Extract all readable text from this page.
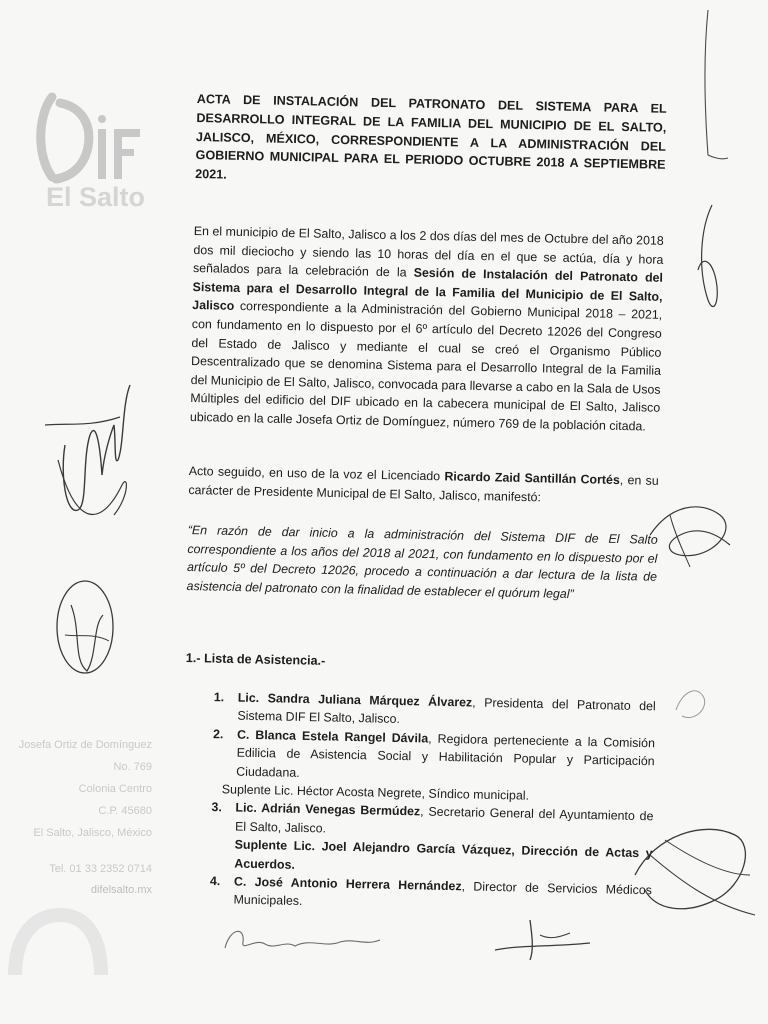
El Salto
Josefa Ortiz de Domínguez
No. 769
Colonia Centro
C.P. 45680
El Salto, Jalisco, México
Tel. 01 33 2352 0714
difelsalto.mx
ACTA DE INSTALACIÓN DEL PATRONATO DEL SISTEMA PARA EL DESARROLLO INTEGRAL DE LA FAMILIA DEL MUNICIPIO DE EL SALTO, JALISCO, MÉXICO, CORRESPONDIENTE A LA ADMINISTRACIÓN DEL GOBIERNO MUNICIPAL PARA EL PERIODO OCTUBRE 2018 A SEPTIEMBRE 2021.
En el municipio de El Salto, Jalisco a los 2 dos días del mes de Octubre del año 2018 dos mil dieciocho y siendo las 10 horas del día en el que se actúa, día y hora señalados para la celebración de la Sesión de Instalación del Patronato del Sistema para el Desarrollo Integral de la Familia del Municipio de El Salto, Jalisco correspondiente a la Administración del Gobierno Municipal 2018 – 2021, con fundamento en lo dispuesto por el 6º artículo del Decreto 12026 del Congreso del Estado de Jalisco y mediante el cual se creó el Organismo Público Descentralizado que se denomina Sistema para el Desarrollo Integral de la Familia del Municipio de El Salto, Jalisco, convocada para llevarse a cabo en la Sala de Usos Múltiples del edificio del DIF ubicado en la cabecera municipal de El Salto, Jalisco ubicado en la calle Josefa Ortiz de Domínguez, número 769 de la población citada.
Acto seguido, en uso de la voz el Licenciado Ricardo Zaid Santillán Cortés, en su carácter de Presidente Municipal de El Salto, Jalisco, manifestó:
“En razón de dar inicio a la administración del Sistema DIF de El Salto correspondiente a los años del 2018 al 2021, con fundamento en lo dispuesto por el artículo 5º del Decreto 12026, procedo a continuación a dar lectura de la lista de asistencia del patronato con la finalidad de establecer el quórum legal”
1.- Lista de Asistencia.-
1. Lic. Sandra Juliana Márquez Álvarez, Presidenta del Patronato del Sistema DIF El Salto, Jalisco.
2. C. Blanca Estela Rangel Dávila, Regidora perteneciente a la Comisión Edilicia de Asistencia Social y Habilitación Popular y Participación Ciudadana.
Suplente Lic. Héctor Acosta Negrete, Síndico municipal.
3. Lic. Adrián Venegas Bermúdez, Secretario General del Ayuntamiento de El Salto, Jalisco.
Suplente Lic. Joel Alejandro García Vázquez, Dirección de Actas y Acuerdos.
4. C. José Antonio Herrera Hernández, Director de Servicios Médicos Municipales.
